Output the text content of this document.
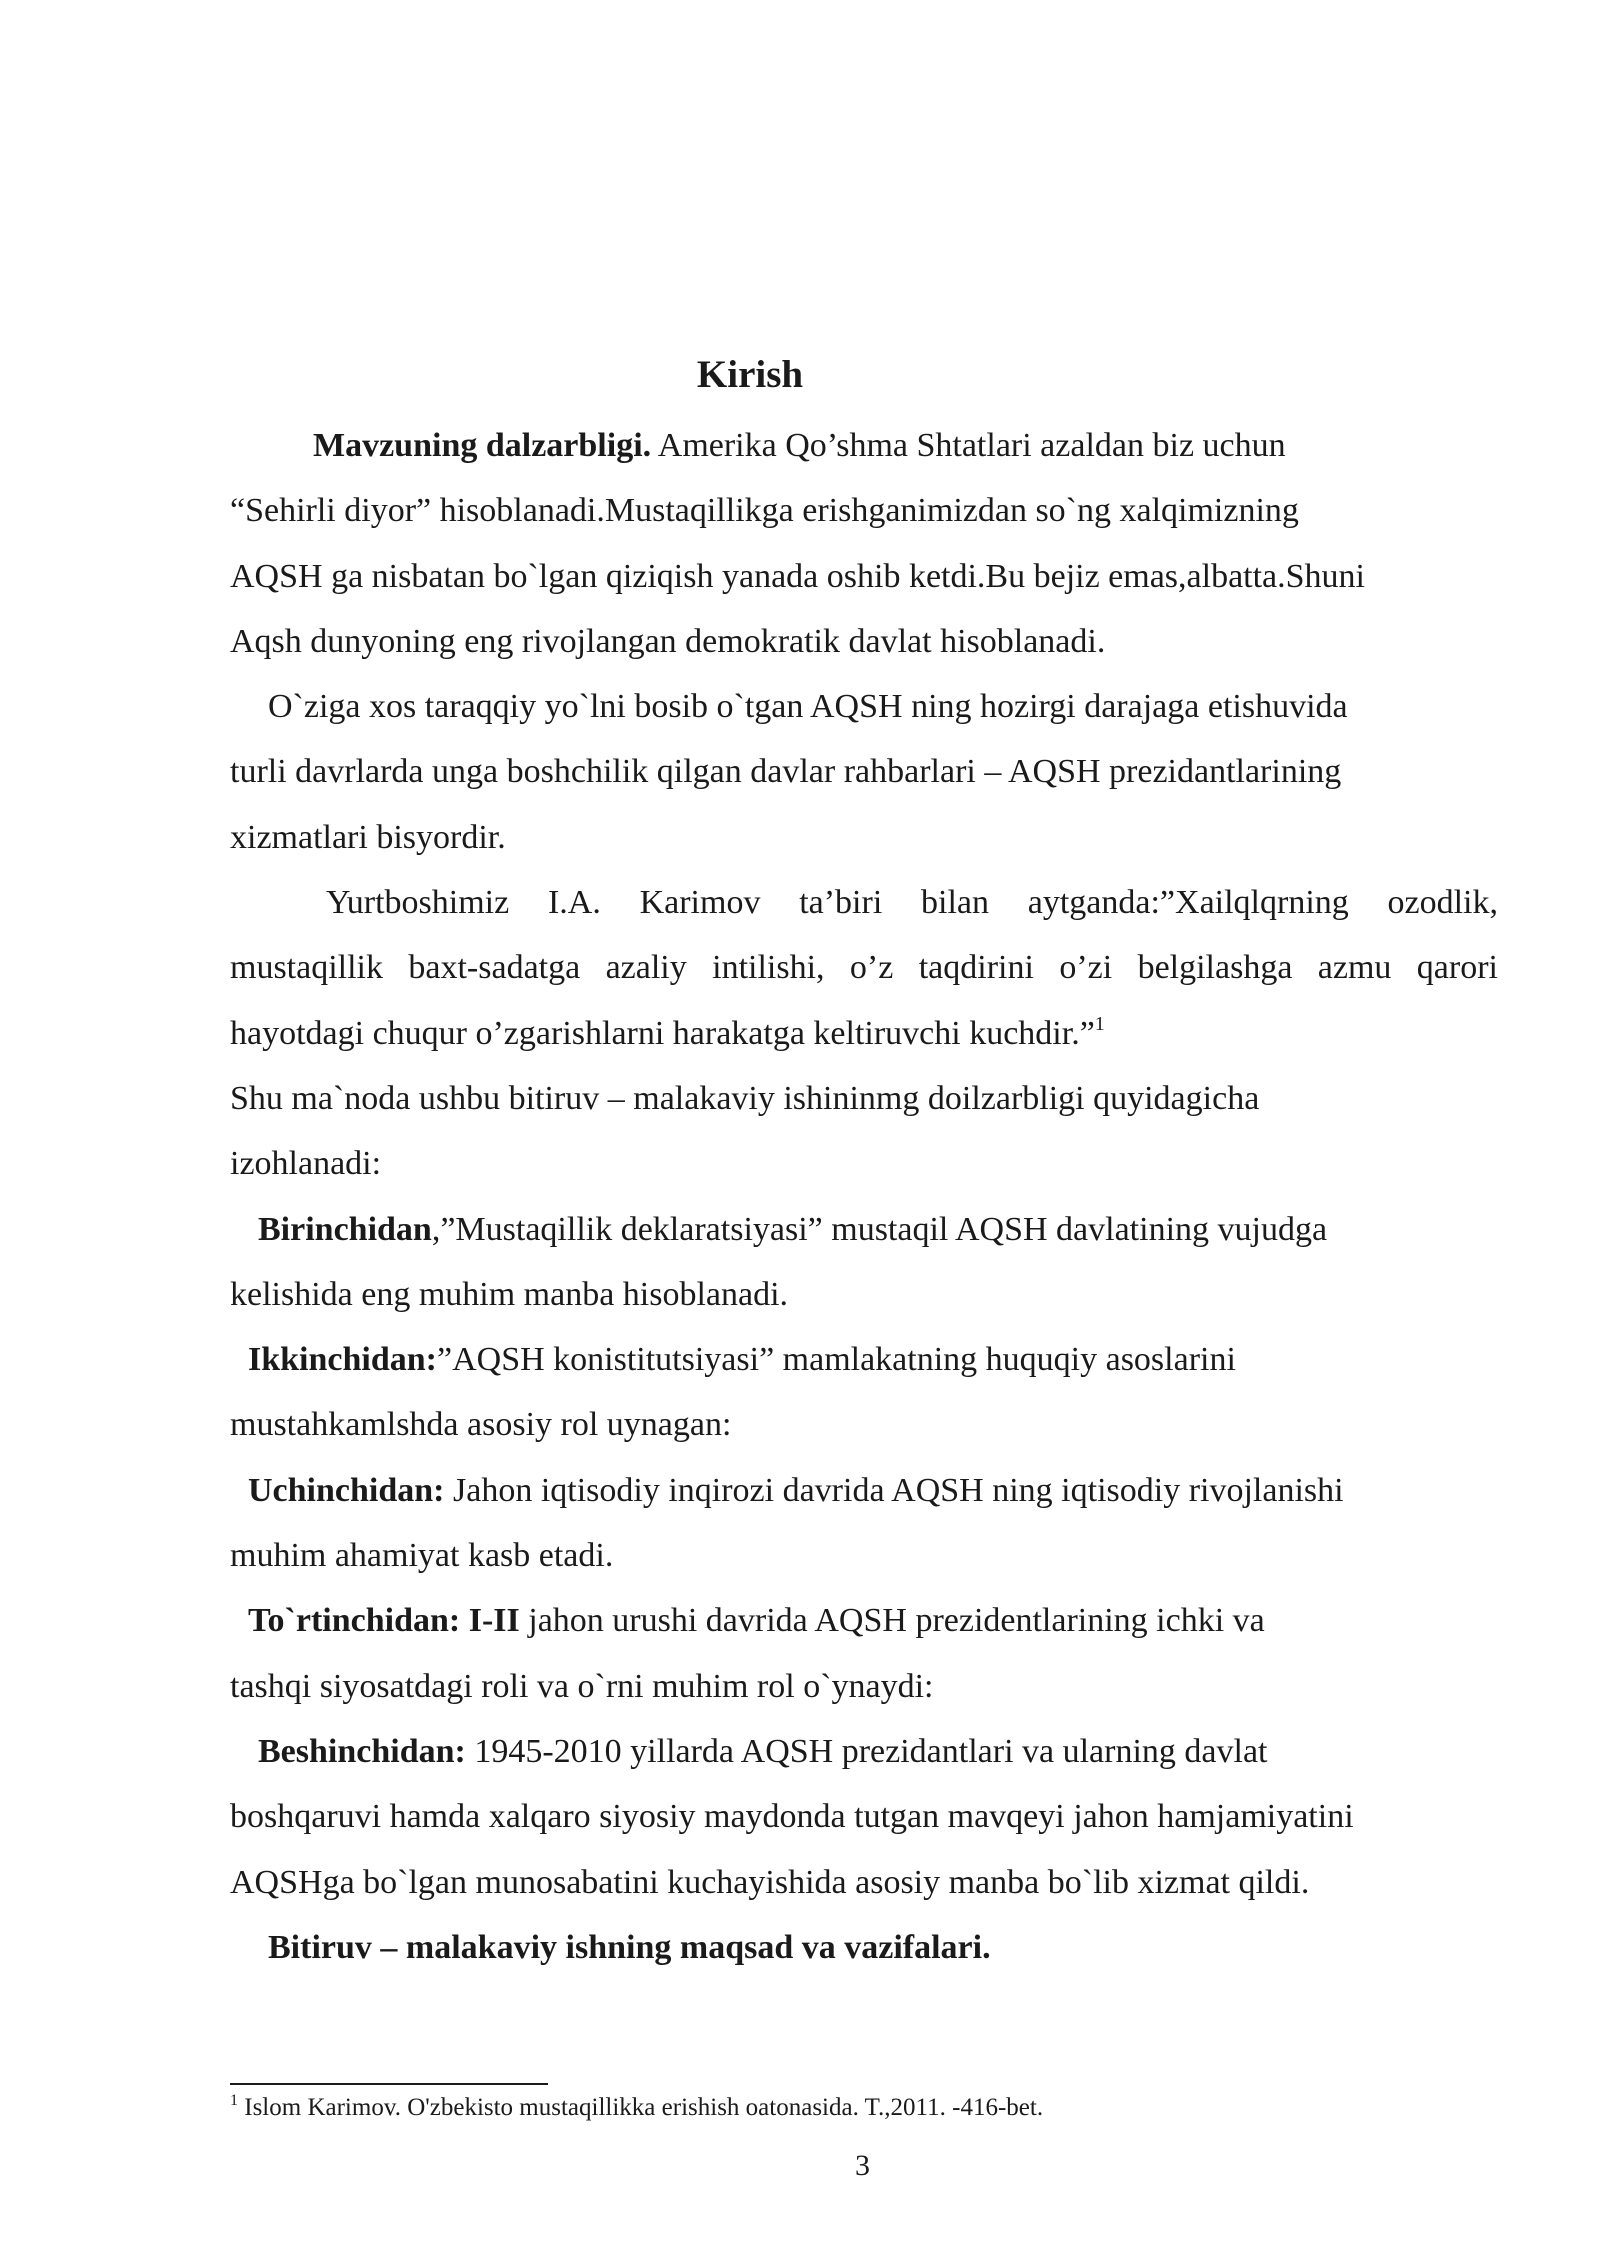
Kirish
Mavzuning dalzarbligi. Amerika Qo’shma Shtatlari azaldan biz uchun
“Sehirli diyor” hisoblanadi.Mustaqillikga erishganimizdan so`ng xalqimizning
AQSH ga nisbatan bo`lgan qiziqish yanada oshib ketdi.Bu bejiz emas,albatta.Shuni
Aqsh dunyoning eng rivojlangan demokratik davlat hisoblanadi.
O`ziga xos taraqqiy yo`lni bosib o`tgan AQSH ning hozirgi darajaga etishuvida
turli davrlarda unga boshchilik qilgan davlar rahbarlari – AQSH prezidantlarining
xizmatlari bisyordir.
Yurtboshimiz I.A. Karimov ta’biri bilan aytganda:”Xailqlqrning ozodlik,
mustaqillik baxt-sadatga azaliy intilishi, o’z taqdirini o’zi belgilashga azmu qarori
hayotdagi chuqur o’zgarishlarni harakatga keltiruvchi kuchdir.”$^1$
Shu ma`noda ushbu bitiruv – malakaviy ishininmg doilzarbligi quyidagicha
izohlanadi:
Birinchidan,”Mustaqillik deklaratsiyasi” mustaqil AQSH davlatining vujudga
kelishida eng muhim manba hisoblanadi.
Ikkinchidan:”AQSH konistitutsiyasi” mamlakatning huquqiy asoslarini
mustahkamlshda asosiy rol uynagan:
Uchinchidan: Jahon iqtisodiy inqirozi davrida AQSH ning iqtisodiy rivojlanishi
muhim ahamiyat kasb etadi.
To`rtinchidan: I-II jahon urushi davrida AQSH prezidentlarining ichki va
tashqi siyosatdagi roli va o`rni muhim rol o`ynaydi:
Beshinchidan: 1945-2010 yillarda AQSH prezidantlari va ularning davlat
boshqaruvi hamda xalqaro siyosiy maydonda tutgan mavqeyi jahon hamjamiyatini
AQSHga bo`lgan munosabatini kuchayishida asosiy manba bo`lib xizmat qildi.
Bitiruv – malakaviy ishning maqsad va vazifalari.
$^1$ Islom Karimov. O'zbekisto mustaqillikka erishish oatonasida. T.,2011. -416-bet.
3
